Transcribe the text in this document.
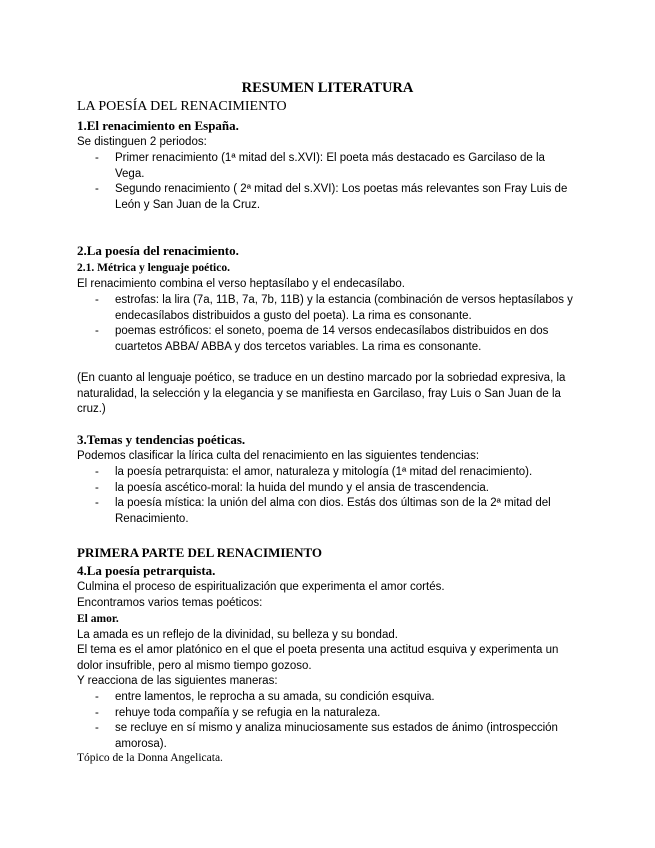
RESUMEN LITERATURA
LA POESÍA DEL RENACIMIENTO
1.El renacimiento en España.

Se distinguen 2 periodos:

- Primer renacimiento (1ª mitad del s.XVI): El poeta más destacado es Garcilaso de la Vega.
- Segundo renacimiento ( 2ª mitad del s.XVI): Los poetas más relevantes son Fray Luis de León y San Juan de la Cruz.
2.La poesía del renacimiento.
2.1. Métrica y lenguaje poético.

El renacimiento combina el verso heptasílabo y el endecasílabo.

- estrofas: la lira (7a, 11B, 7a, 7b, 11B) y la estancia (combinación de versos heptasílabos y endecasílabos distribuidos a gusto del poeta). La rima es consonante.
- poemas estróficos: el soneto, poema de 14 versos endecasílabos distribuidos en dos cuartetos ABBA/ ABBA y dos tercetos variables. La rima es consonante.

(En cuanto al lenguaje poético, se traduce en un destino marcado por la sobriedad expresiva, la naturalidad, la selección y la elegancia y se manifiesta en Garcilaso, fray Luis o San Juan de la cruz.)

3.Temas y tendencias poéticas.

Podemos clasificar la lírica culta del renacimiento en las siguientes tendencias:

- la poesía petrarquista: el amor, naturaleza y mitología (1ª mitad del renacimiento).
- la poesía ascético-moral: la huida del mundo y el ansia de trascendencia.
- la poesía mística: la unión del alma con dios. Estás dos últimas son de la 2ª mitad del Renacimiento.
PRIMERA PARTE DEL RENACIMIENTO
4.La poesía petrarquista.

Culmina el proceso de espiritualización que experimenta el amor cortés.

Encontramos varios temas poéticos:

El amor.

La amada es un reflejo de la divinidad, su belleza y su bondad.

El tema es el amor platónico en el que el poeta presenta una actitud esquiva y experimenta un dolor insufrible, pero al mismo tiempo gozoso.

Y reacciona de las siguientes maneras:

- entre lamentos, le reprocha a su amada, su condición esquiva.
- rehuye toda compañía y se refugia en la naturaleza.
- se recluye en sí mismo y analiza minuciosamente sus estados de ánimo (introspección amorosa).
Tópico de la Donna Angelicata.
